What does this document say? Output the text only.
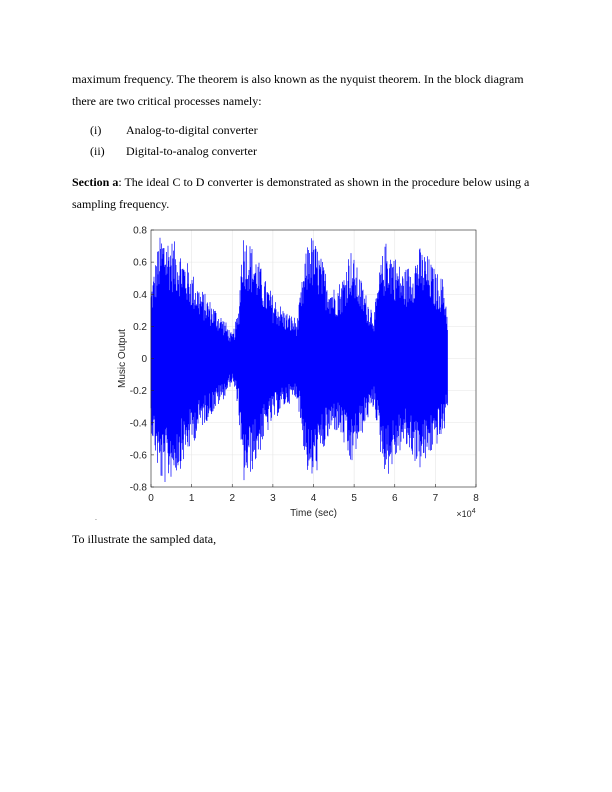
maximum frequency. The theorem is also known as the nyquist theorem. In the block diagram there are two critical processes namely:

(i) Analog-to-digital converter
(ii) Digital-to-analog converter

Section a: The ideal C to D converter is demonstrated as shown in the procedure below using a sampling frequency.

0	1	2	3	4	5	6	7	8
-0.8
-0.6
-0.4
-0.2
0
0.2
0.4
0.6
0.8
Time (sec)
Music Output
$\times 10^4$
.

To illustrate the sampled data,
